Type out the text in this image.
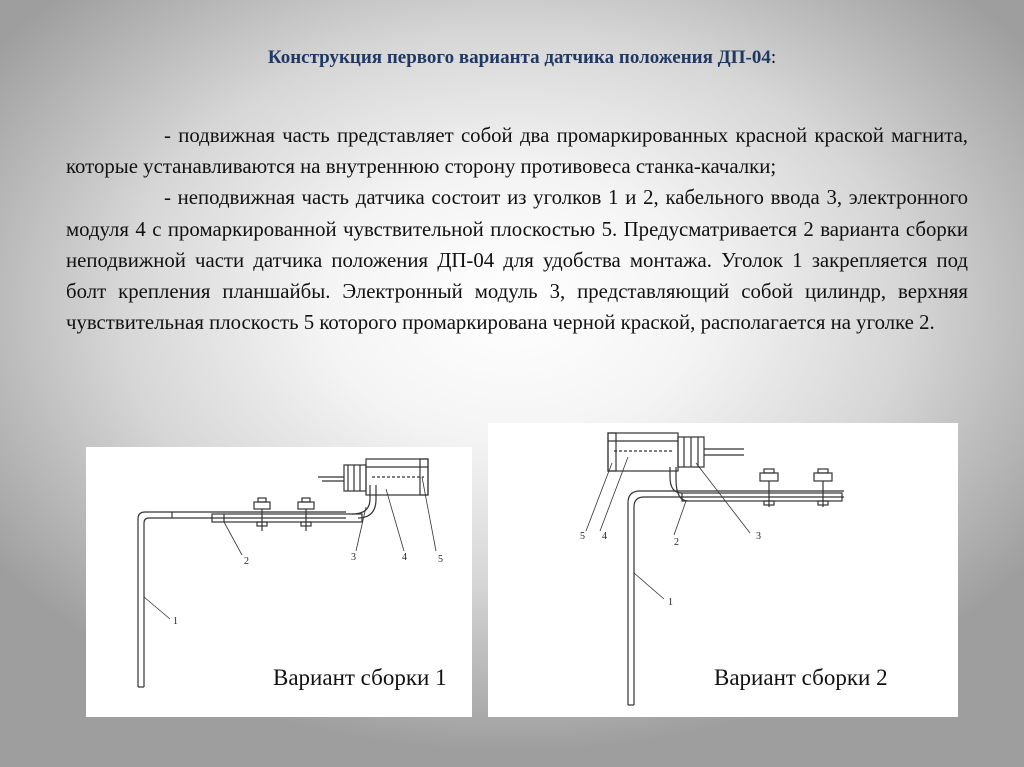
Конструкция первого варианта датчика положения ДП-04:

- подвижная часть представляет собой два промаркированных красной краской магнита, которые устанавливаются на внутреннюю сторону противовеса станка-качалки;

- неподвижная часть датчика состоит из уголков 1 и 2, кабельного ввода 3, электронного модуля 4 с промаркированной чувствительной плоскостью 5. Предусматривается 2 варианта сборки неподвижной части датчика положения ДП-04 для удобства монтажа. Уголок 1 закрепляется под болт крепления планшайбы. Электронный модуль 3, представляющий собой цилиндр, верхняя чувствительная плоскость 5 которого промаркирована черной краской, располагается на уголке 2.

1
2	3	4	5
Вариант сборки 1
1
2
3
4
5
Вариант сборки 2
